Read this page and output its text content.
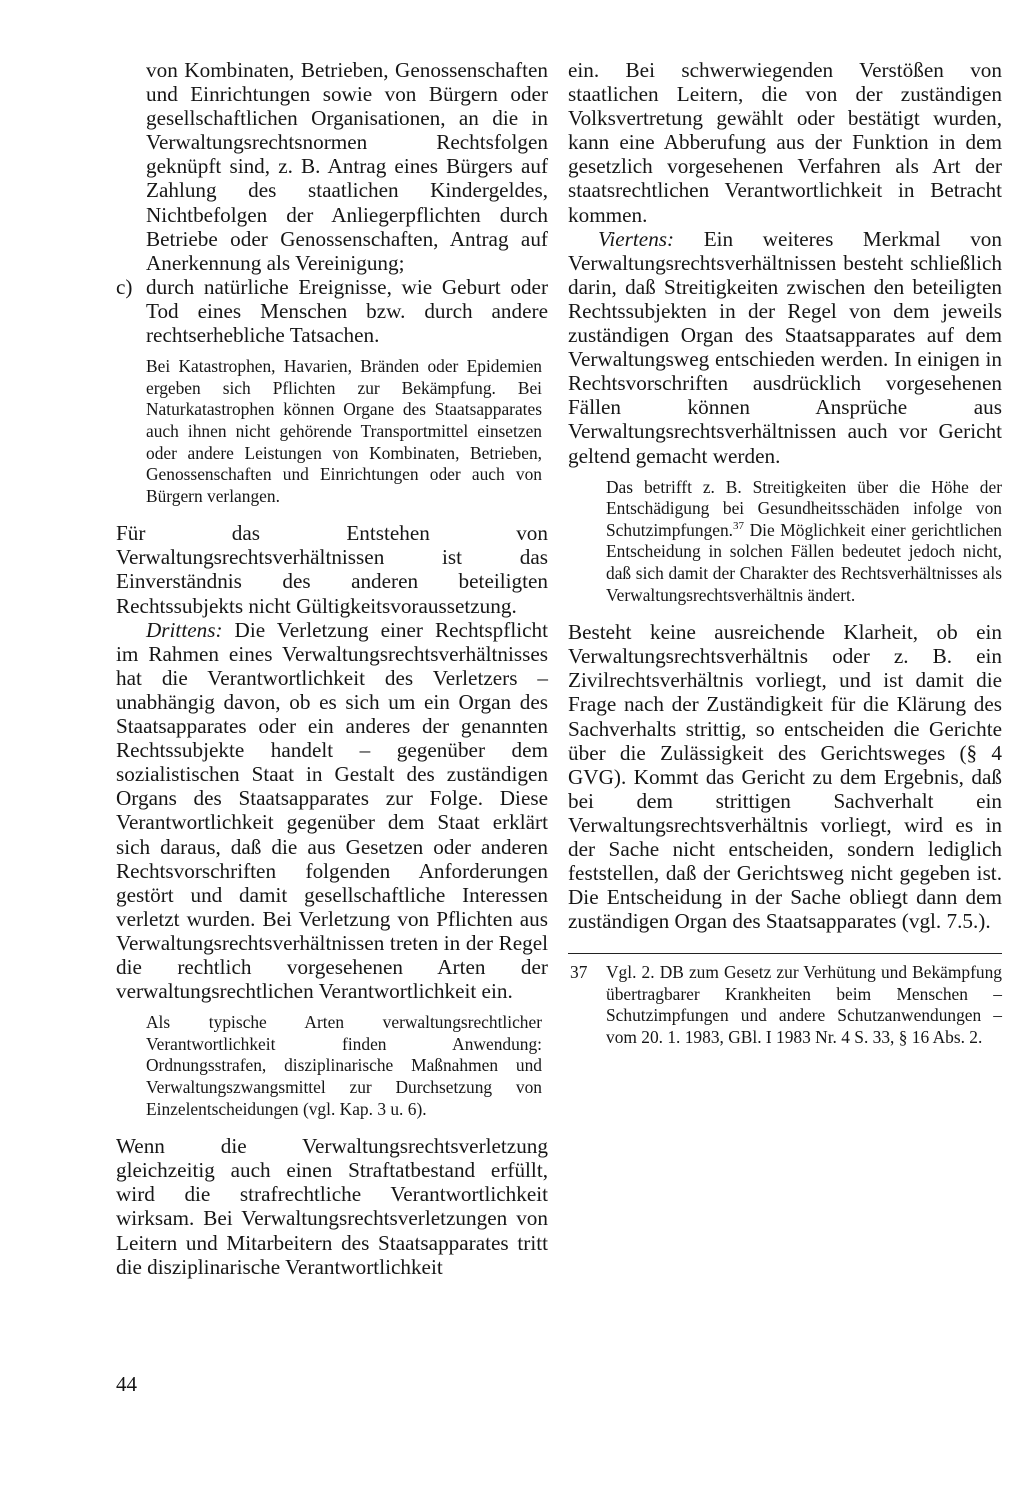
von Kombinaten, Betrieben, Genossenschaften und Einrichtungen sowie von Bürgern oder gesellschaftlichen Organisationen, an die in Verwaltungsrechtsnormen Rechtsfolgen geknüpft sind, z. B. Antrag eines Bürgers auf Zahlung des staatlichen Kindergeldes, Nichtbefolgen der Anliegerpflichten durch Betriebe oder Genossenschaften, Antrag auf Anerkennung als Vereinigung;

c) durch natürliche Ereignisse, wie Geburt oder Tod eines Menschen bzw. durch andere rechtserhebliche Tatsachen.

Bei Katastrophen, Havarien, Bränden oder Epidemien ergeben sich Pflichten zur Bekämpfung. Bei Naturkatastrophen können Organe des Staatsapparates auch ihnen nicht gehörende Transportmittel einsetzen oder andere Leistungen von Kombinaten, Betrieben, Genossenschaften und Einrichtungen oder auch von Bürgern verlangen.

Für das Entstehen von Verwaltungsrechtsverhältnissen ist das Einverständnis des anderen beteiligten Rechtssubjekts nicht Gültigkeitsvoraussetzung.

Drittens: Die Verletzung einer Rechtspflicht im Rahmen eines Verwaltungsrechtsverhältnisses hat die Verantwortlichkeit des Verletzers – unabhängig davon, ob es sich um ein Organ des Staatsapparates oder ein anderes der genannten Rechtssubjekte handelt – gegenüber dem sozialistischen Staat in Gestalt des zuständigen Organs des Staatsapparates zur Folge. Diese Verantwortlichkeit gegenüber dem Staat erklärt sich daraus, daß die aus Gesetzen oder anderen Rechtsvorschriften folgenden Anforderungen gestört und damit gesellschaftliche Interessen verletzt wurden. Bei Verletzung von Pflichten aus Verwaltungsrechtsverhältnissen treten in der Regel die rechtlich vorgesehenen Arten der verwaltungsrechtlichen Verantwortlichkeit ein.

Als typische Arten verwaltungsrechtlicher Verantwortlichkeit finden Anwendung: Ordnungsstrafen, disziplinarische Maßnahmen und Verwaltungszwangsmittel zur Durchsetzung von Einzelentscheidungen (vgl. Kap. 3 u. 6).

Wenn die Verwaltungsrechtsverletzung gleichzeitig auch einen Straftatbestand erfüllt, wird die strafrechtliche Verantwortlichkeit wirksam. Bei Verwaltungsrechtsverletzungen von Leitern und Mitarbeitern des Staatsapparates tritt die disziplinarische Verantwortlichkeit

ein. Bei schwerwiegenden Verstößen von staatlichen Leitern, die von der zuständigen Volksvertretung gewählt oder bestätigt wurden, kann eine Abberufung aus der Funktion in dem gesetzlich vorgesehenen Verfahren als Art der staatsrechtlichen Verantwortlichkeit in Betracht kommen.

Viertens: Ein weiteres Merkmal von Verwaltungsrechtsverhältnissen besteht schließlich darin, daß Streitigkeiten zwischen den beteiligten Rechtssubjekten in der Regel von dem jeweils zuständigen Organ des Staatsapparates auf dem Verwaltungsweg entschieden werden. In einigen in Rechtsvorschriften ausdrücklich vorgesehenen Fällen können Ansprüche aus Verwaltungsrechtsverhältnissen auch vor Gericht geltend gemacht werden.

Das betrifft z. B. Streitigkeiten über die Höhe der Entschädigung bei Gesundheitsschäden infolge von Schutzimpfungen.$^{37}$ Die Möglichkeit einer gerichtlichen Entscheidung in solchen Fällen bedeutet jedoch nicht, daß sich damit der Charakter des Rechtsverhältnisses als Verwaltungsrechtsverhältnis ändert.

Besteht keine ausreichende Klarheit, ob ein Verwaltungsrechtsverhältnis oder z. B. ein Zivilrechtsverhältnis vorliegt, und ist damit die Frage nach der Zuständigkeit für die Klärung des Sachverhalts strittig, so entscheiden die Gerichte über die Zulässigkeit des Gerichtsweges (§ 4 GVG). Kommt das Gericht zu dem Ergebnis, daß bei dem strittigen Sachverhalt ein Verwaltungsrechtsverhältnis vorliegt, wird es in der Sache nicht entscheiden, sondern lediglich feststellen, daß der Gerichtsweg nicht gegeben ist. Die Entscheidung in der Sache obliegt dann dem zuständigen Organ des Staatsapparates (vgl. 7.5.).

37 Vgl. 2. DB zum Gesetz zur Verhütung und Bekämpfung übertragbarer Krankheiten beim Menschen – Schutzimpfungen und andere Schutzanwendungen – vom 20. 1. 1983, GBl. I 1983 Nr. 4 S. 33, § 16 Abs. 2.

44
